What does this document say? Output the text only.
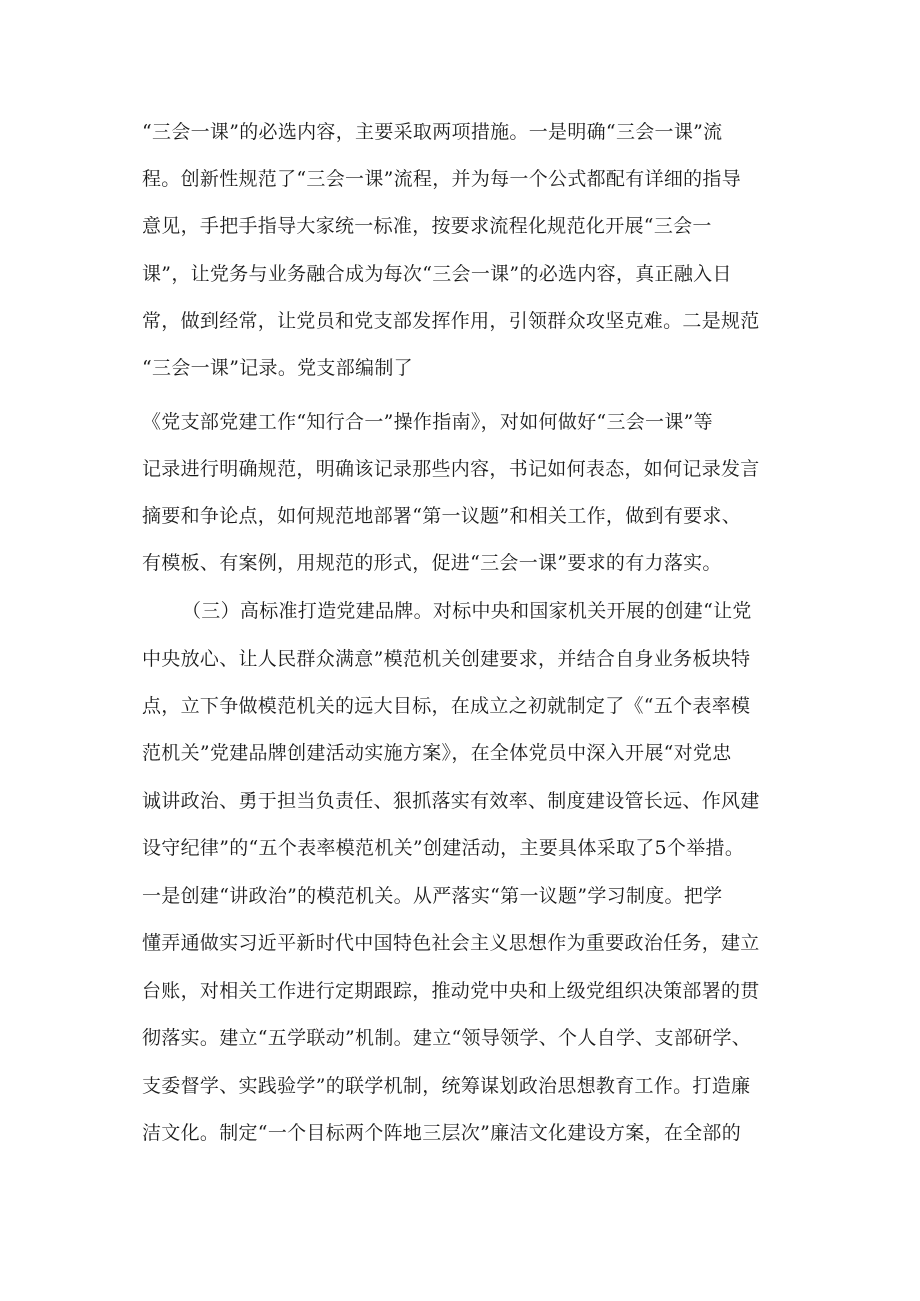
“三会一课”的必选内容，主要采取两项措施。一是明确“三会一课”流
程。创新性规范了“三会一课”流程，并为每一个公式都配有详细的指导
意见，手把手指导大家统一标准，按要求流程化规范化开展“三会一
课”，让党务与业务融合成为每次“三会一课”的必选内容，真正融入日
常，做到经常，让党员和党支部发挥作用，引领群众攻坚克难。二是规范
“三会一课”记录。党支部编制了
《党支部党建工作“知行合一”操作指南》，对如何做好“三会一课”等
记录进行明确规范，明确该记录那些内容，书记如何表态，如何记录发言
摘要和争论点，如何规范地部署“第一议题”和相关工作，做到有要求、
有模板、有案例，用规范的形式，促进“三会一课”要求的有力落实。
（三）高标准打造党建品牌。对标中央和国家机关开展的创建“让党
中央放心、让人民群众满意”模范机关创建要求，并结合自身业务板块特
点，立下争做模范机关的远大目标，在成立之初就制定了《“五个表率模
范机关”党建品牌创建活动实施方案》，在全体党员中深入开展“对党忠
诚讲政治、勇于担当负责任、狠抓落实有效率、制度建设管长远、作风建
设守纪律”的“五个表率模范机关”创建活动，主要具体采取了5个举措。
一是创建“讲政治”的模范机关。从严落实“第一议题”学习制度。把学
懂弄通做实习近平新时代中国特色社会主义思想作为重要政治任务，建立
台账，对相关工作进行定期跟踪，推动党中央和上级党组织决策部署的贯
彻落实。建立“五学联动”机制。建立“领导领学、个人自学、支部研学、
支委督学、实践验学”的联学机制，统筹谋划政治思想教育工作。打造廉
洁文化。制定“一个目标两个阵地三层次”廉洁文化建设方案，在全部的
